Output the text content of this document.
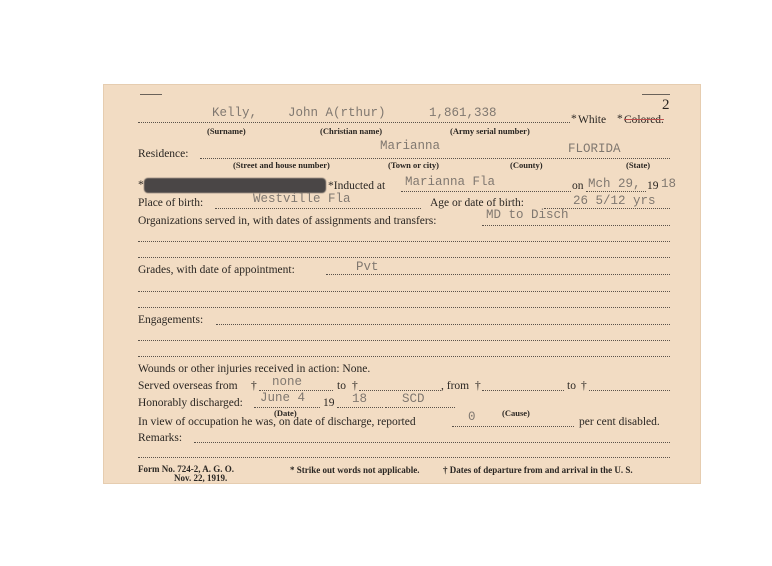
2
Kelly, John A(rthur)	1,861,338	* White * Colored.
(Surname)	(Christian name)	(Army serial number)
Marianna	FLORIDA
Residence:
(Street and house number)	(Town or city)	(County)	(State)
*	*Inducted at Marianna Fla	on Mch 29, 19 18
Place of birth:	Westville Fla	Age or date of birth:	26 5/12 yrs
Organizations served in, with dates of assignments and transfers:	MD to Disch
Grades, with date of appointment:	Pvt
Engagements:
Wounds or other injuries received in action: None.
Served overseas from † none	to †	, from †	to †
Honorably discharged: June 4 19 18	SCD
(Date)	(Cause)
In view of occupation he was, on date of discharge, reported	0	per cent disabled.
Remarks:
Form No. 724-2, A. G. O.
Nov. 22, 1919.
* Strike out words not applicable.	† Dates of departure from and arrival in the U. S.
